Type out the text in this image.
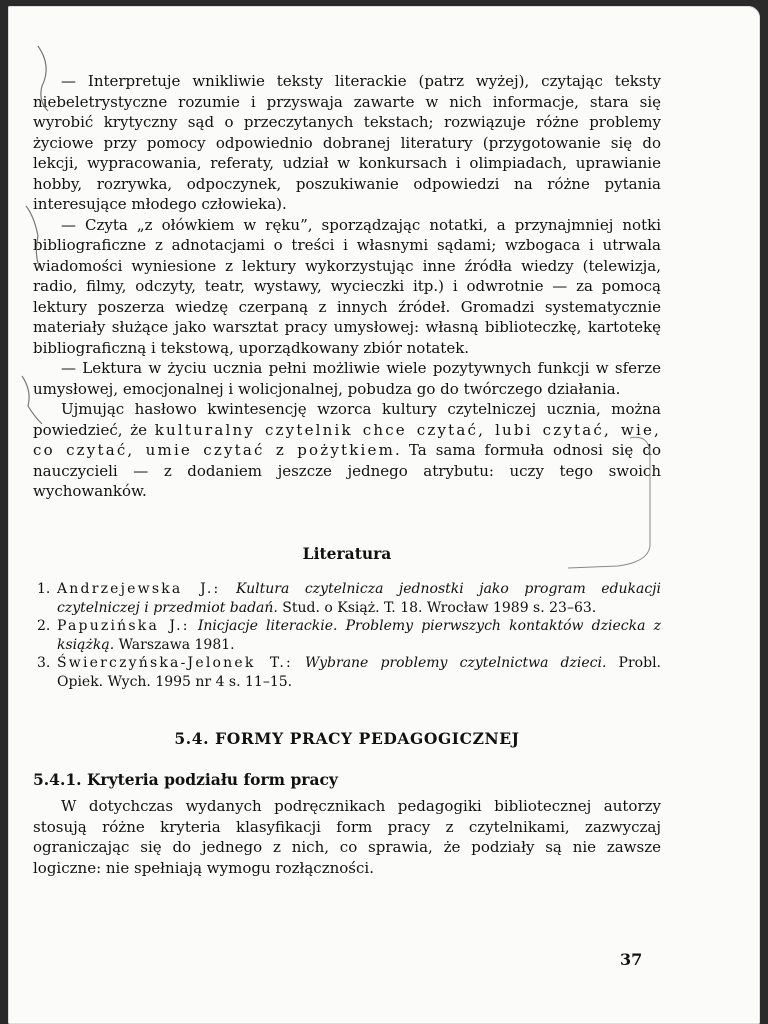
— Interpretuje wnikliwie teksty literackie (patrz wyżej), czytając teksty niebeletrystyczne rozumie i przyswaja zawarte w nich informacje, stara się wyrobić krytyczny sąd o przeczytanych tekstach; rozwiązuje różne problemy życiowe przy pomocy odpowiednio dobranej literatury (przygotowanie się do lekcji, wypracowania, referaty, udział w konkursach i olimpiadach, uprawianie hobby, rozrywka, odpoczynek, poszukiwanie odpowiedzi na różne pytania interesujące młodego człowieka).

— Czyta „z ołówkiem w ręku”, sporządzając notatki, a przynajmniej notki bibliograficzne z adnotacjami o treści i własnymi sądami; wzbogaca i utrwala wiadomości wyniesione z lektury wykorzystując inne źródła wiedzy (telewizja, radio, filmy, odczyty, teatr, wystawy, wycieczki itp.) i odwrotnie — za pomocą lektury poszerza wiedzę czerpaną z innych źródeł. Gromadzi systematycznie materiały służące jako warsztat pracy umysłowej: własną biblioteczkę, kartotekę bibliograficzną i tekstową, uporządkowany zbiór notatek.

— Lektura w życiu ucznia pełni możliwie wiele pozytywnych funkcji w sferze umysłowej, emocjonalnej i wolicjonalnej, pobudza go do twórczego działania.

Ujmując hasłowo kwintesencję wzorca kultury czytelniczej ucznia, można powiedzieć, że kulturalny czytelnik chce czytać, lubi czytać, wie, co czytać, umie czytać z pożytkiem. Ta sama formuła odnosi się do nauczycieli — z dodaniem jeszcze jednego atrybutu: uczy tego swoich wychowanków.

Literatura
1. Andrzejewska J.: Kultura czytelnicza jednostki jako program edukacji czytelniczej i przedmiot badań. Stud. o Książ. T. 18. Wrocław 1989 s. 23–63.
2. Papuzińska J.: Inicjacje literackie. Problemy pierwszych kontaktów dziecka z książką. Warszawa 1981.
3. Świerczyńska-Jelonek T.: Wybrane problemy czytelnictwa dzieci. Probl. Opiek. Wych. 1995 nr 4 s. 11–15.
5.4. FORMY PRACY PEDAGOGICZNEJ
5.4.1. Kryteria podziału form pracy

W dotychczas wydanych podręcznikach pedagogiki bibliotecznej autorzy stosują różne kryteria klasyfikacji form pracy z czytelnikami, zazwyczaj ograniczając się do jednego z nich, co sprawia, że podziały są nie zawsze logiczne: nie spełniają wymogu rozłączności.

37
